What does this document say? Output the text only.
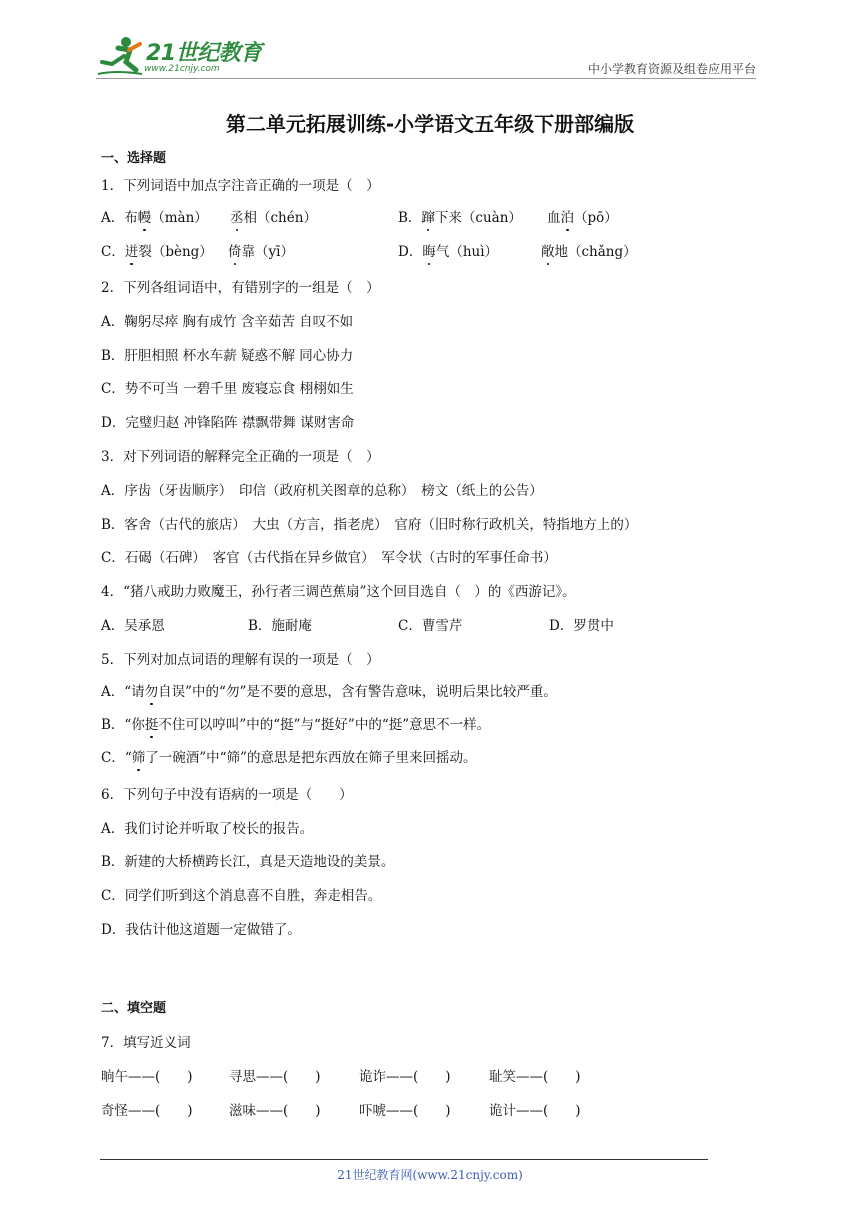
21世纪教育
www.21cnjy.com	中小学教育资源及组卷应用平台
第二单元拓展训练-小学语文五年级下册部编版
一、选择题
1．下列词语中加点字注音正确的一项是（　）
A．布幔（màn） 丞相（chén）	B．蹿下来（cuàn） 血泊（pō）
C．迸裂（bèng） 倚靠（yī）	D．晦气（huì）	敞地（chǎng）
2．下列各组词语中，有错别字的一组是（　）
A．鞠躬尽瘁 胸有成竹 含辛茹苦 自叹不如
B．肝胆相照 杯水车薪 疑惑不解 同心协力
C．势不可当 一碧千里 废寝忘食 栩栩如生
D．完璧归赵 冲锋陷阵 襟飘带舞 谋财害命
3．对下列词语的解释完全正确的一项是（　）
A．序齿（牙齿顺序）　印信（政府机关图章的总称）　榜文（纸上的公告）
B．客舍（古代的旅店）　大虫（方言，指老虎）　官府（旧时称行政机关，特指地方上的）
C．石碣（石碑）　客官（古代指在异乡做官）　军令状（古时的军事任命书）
4．“猪八戒助力败魔王，孙行者三调芭蕉扇”这个回目选自（　）的《西游记》。
A．吴承恩	B．施耐庵	C．曹雪芹	D．罗贯中
5．下列对加点词语的理解有误的一项是（　）
A．“请勿自误”中的“勿”是不要的意思，含有警告意味，说明后果比较严重。
B．“你挺不住可以哼叫”中的“挺”与“挺好”中的“挺”意思不一样。
C．“筛了一碗酒”中“筛”的意思是把东西放在筛子里来回摇动。
6．下列句子中没有语病的一项是（　　）
A．我们讨论并听取了校长的报告。
B．新建的大桥横跨长江，真是天造地设的美景。
C．同学们听到这个消息喜不自胜，奔走相告。
D．我估计他这道题一定做错了。
二、填空题
7．填写近义词
晌午——(　　)	寻思——(　　)	诡诈——(　　)	耻笑——(　　)
奇怪——(　　)	滋味——(　　)	吓唬——(　　)	诡计——(　　)
21世纪教育网(www.21cnjy.com)
